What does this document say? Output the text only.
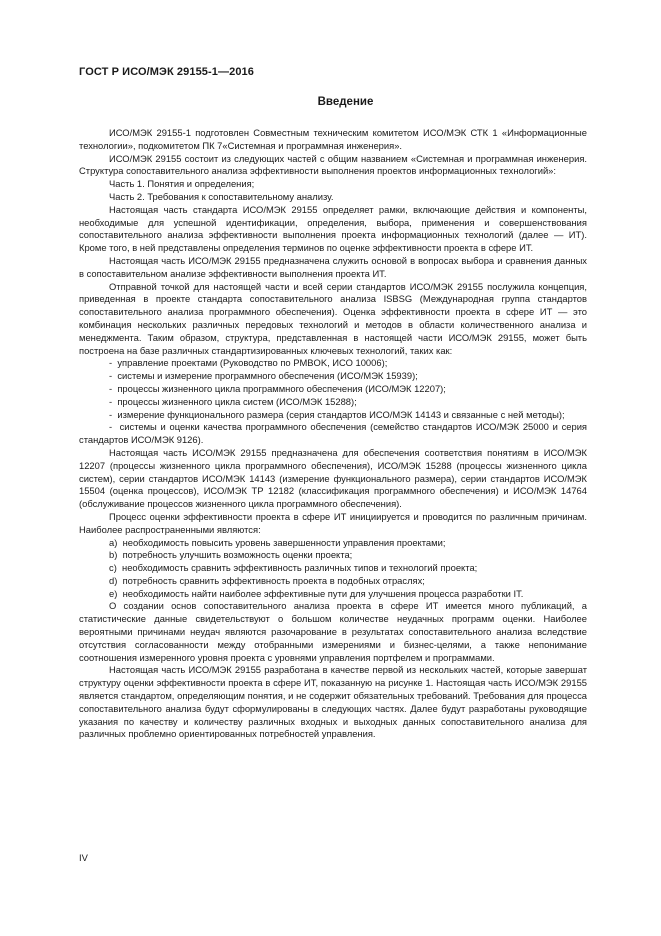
ГОСТ Р ИСО/МЭК 29155-1—2016
Введение

ИСО/МЭК 29155-1 подготовлен Совместным техническим комитетом ИСО/МЭК СТК 1 «Информационные технологии», подкомитетом ПК 7«Системная и программная инженерия».

ИСО/МЭК 29155 состоит из следующих частей с общим названием «Системная и программная инженерия. Структура сопоставительного анализа эффективности выполнения проектов информационных технологий»:

Часть 1. Понятия и определения;

Часть 2. Требования к сопоставительному анализу.

Настоящая часть стандарта ИСО/МЭК 29155 определяет рамки, включающие действия и компоненты, необходимые для успешной идентификации, определения, выбора, применения и совершенствования сопоставительного анализа эффективности выполнения проекта информационных технологий (далее — ИТ). Кроме того, в ней представлены определения терминов по оценке эффективности проекта в сфере ИТ.

Настоящая часть ИСО/МЭК 29155 предназначена служить основой в вопросах выбора и сравнения данных в сопоставительном анализе эффективности выполнения проекта ИТ.

Отправной точкой для настоящей части и всей серии стандартов ИСО/МЭК 29155 послужила концепция, приведенная в проекте стандарта сопоставительного анализа ISBSG (Международная группа стандартов сопоставительного анализа программного обеспечения). Оценка эффективности проекта в сфере ИТ — это комбинация нескольких различных передовых технологий и методов в области количественного анализа и менеджмента. Таким образом, структура, представленная в настоящей части ИСО/МЭК 29155, может быть построена на базе различных стандартизированных ключевых технологий, таких как:

- управление проектами (Руководство по PMBOK, ИСО 10006);

- системы и измерение программного обеспечения (ИСО/МЭК 15939);

- процессы жизненного цикла программного обеспечения (ИСО/МЭК 12207);

- процессы жизненного цикла систем (ИСО/МЭК 15288);

- измерение функционального размера (серия стандартов ИСО/МЭК 14143 и связанные с ней методы);

- системы и оценки качества программного обеспечения (семейство стандартов ИСО/МЭК 25000 и серия стандартов ИСО/МЭК 9126).

Настоящая часть ИСО/МЭК 29155 предназначена для обеспечения соответствия понятиям в ИСО/МЭК 12207 (процессы жизненного цикла программного обеспечения), ИСО/МЭК 15288 (процессы жизненного цикла систем), серии стандартов ИСО/МЭК 14143 (измерение функционального размера), серии стандартов ИСО/МЭК 15504 (оценка процессов), ИСО/МЭК ТР 12182 (классификация программного обеспечения) и ИСО/МЭК 14764 (обслуживание процессов жизненного цикла программного обеспечения).

Процесс оценки эффективности проекта в сфере ИТ инициируется и проводится по различным причинам. Наиболее распространенными являются:

a) необходимость повысить уровень завершенности управления проектами;

b) потребность улучшить возможность оценки проекта;

c) необходимость сравнить эффективность различных типов и технологий проекта;

d) потребность сравнить эффективность проекта в подобных отраслях;

e) необходимость найти наиболее эффективные пути для улучшения процесса разработки IT.

О создании основ сопоставительного анализа проекта в сфере ИТ имеется много публикаций, а статистические данные свидетельствуют о большом количестве неудачных программ оценки. Наиболее вероятными причинами неудач являются разочарование в результатах сопоставительного анализа вследствие отсутствия согласованности между отобранными измерениями и бизнес-целями, а также непонимание соотношения измеренного уровня проекта с уровнями управления портфелем и программами.

Настоящая часть ИСО/МЭК 29155 разработана в качестве первой из нескольких частей, которые завершат структуру оценки эффективности проекта в сфере ИТ, показанную на рисунке 1. Настоящая часть ИСО/МЭК 29155 является стандартом, определяющим понятия, и не содержит обязательных требований. Требования для процесса сопоставительного анализа будут сформулированы в следующих частях. Далее будут разработаны руководящие указания по качеству и количеству различных входных и выходных данных сопоставительного анализа для различных проблемно ориентированных потребностей управления.

IV
